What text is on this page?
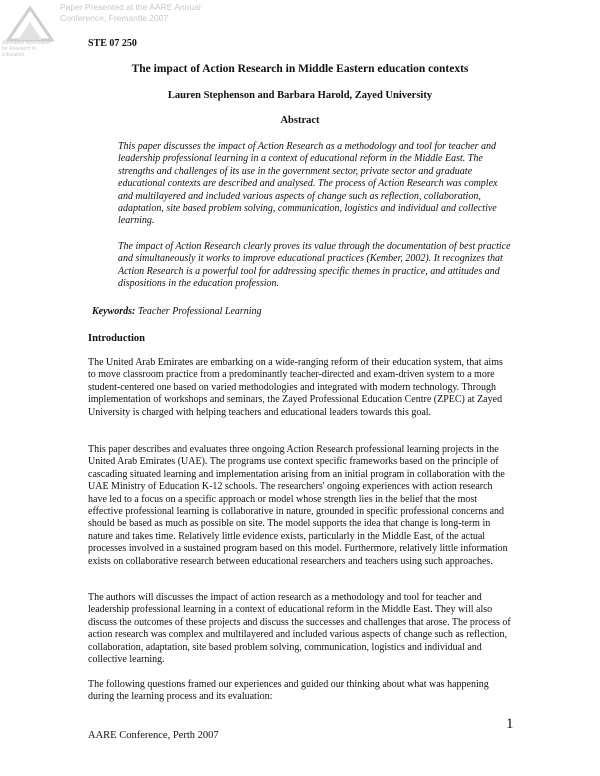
Paper Presented at the AARE Annual
Conference, Fremantle 2007
Australian Association for Research in Education
STE 07 250
The impact of Action Research in Middle Eastern education contexts
Lauren Stephenson and Barbara Harold, Zayed University
Abstract

This paper discusses the impact of Action Research as a methodology and tool for teacher and leadership professional learning in a context of educational reform in the Middle East. The strengths and challenges of its use in the government sector, private sector and graduate educational contexts are described and analysed. The process of Action Research was complex and multilayered and included various aspects of change such as reflection, collaboration, adaptation, site based problem solving, communication, logistics and individual and collective learning.

The impact of Action Research clearly proves its value through the documentation of best practice and simultaneously it works to improve educational practices (Kember, 2002). It recognizes that Action Research is a powerful tool for addressing specific themes in practice, and attitudes and dispositions in the education profession.

Keywords: Teacher Professional Learning
Introduction

The United Arab Emirates are embarking on a wide-ranging reform of their education system, that aims to move classroom practice from a predominantly teacher-directed and exam-driven system to a more student-centered one based on varied methodologies and integrated with modern technology. Through implementation of workshops and seminars, the Zayed Professional Education Centre (ZPEC) at Zayed University is charged with helping teachers and educational leaders towards this goal.

This paper describes and evaluates three ongoing Action Research professional learning projects in the United Arab Emirates (UAE). The programs use context specific frameworks based on the principle of cascading situated learning and implementation arising from an initial program in collaboration with the UAE Ministry of Education K-12 schools. The researchers' ongoing experiences with action research have led to a focus on a specific approach or model whose strength lies in the belief that the most effective professional learning is collaborative in nature, grounded in specific professional concerns and should be based as much as possible on site. The model supports the idea that change is long-term in nature and takes time. Relatively little evidence exists, particularly in the Middle East, of the actual processes involved in a sustained program based on this model. Furthermore, relatively little information exists on collaborative research between educational researchers and teachers using such approaches.

The authors will discusses the impact of action research as a methodology and tool for teacher and leadership professional learning in a context of educational reform in the Middle East. They will also discuss the outcomes of these projects and discuss the successes and challenges that arose. The process of action research was complex and multilayered and included various aspects of change such as reflection, collaboration, adaptation, site based problem solving, communication, logistics and individual and collective learning.

The following questions framed our experiences and guided our thinking about what was happening during the learning process and its evaluation:

1
AARE Conference, Perth 2007
